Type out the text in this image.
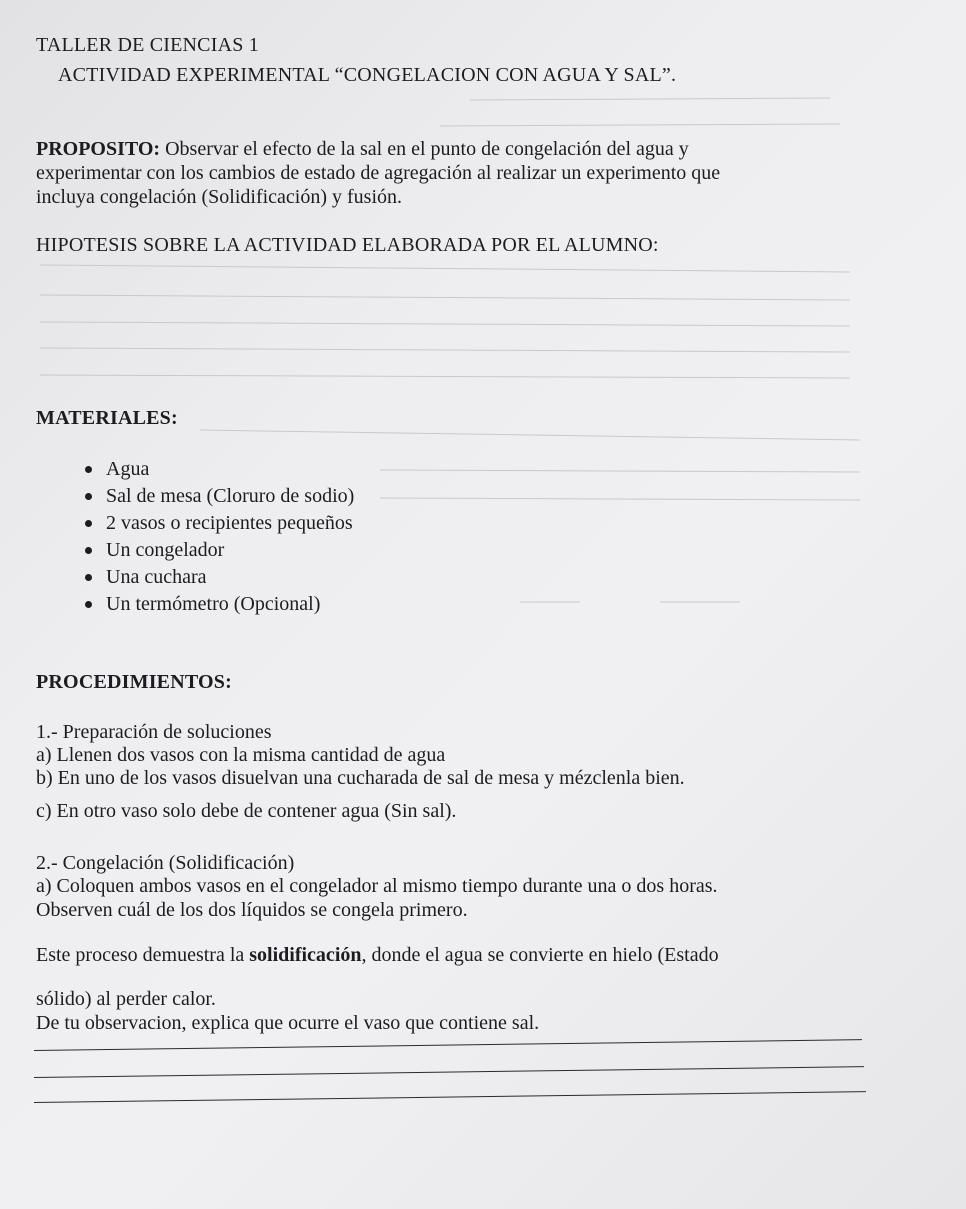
TALLER DE CIENCIAS 1
ACTIVIDAD EXPERIMENTAL “CONGELACION CON AGUA Y SAL”.
PROPOSITO: Observar el efecto de la sal en el punto de congelación del agua y
experimentar con los cambios de estado de agregación al realizar un experimento que
incluya congelación (Solidificación) y fusión.
HIPOTESIS SOBRE LA ACTIVIDAD ELABORADA POR EL ALUMNO:
MATERIALES:
Agua
Sal de mesa (Cloruro de sodio)
2 vasos o recipientes pequeños
Un congelador
Una cuchara
Un termómetro (Opcional)
PROCEDIMIENTOS:
1.- Preparación de soluciones
a) Llenen dos vasos con la misma cantidad de agua
b) En uno de los vasos disuelvan una cucharada de sal de mesa y mézclenla bien.
c) En otro vaso solo debe de contener agua (Sin sal).
2.- Congelación (Solidificación)
a) Coloquen ambos vasos en el congelador al mismo tiempo durante una o dos horas.
Observen cuál de los dos líquidos se congela primero.
Este proceso demuestra la solidificación, donde el agua se convierte en hielo (Estado
sólido) al perder calor.
De tu observacion, explica que ocurre el vaso que contiene sal.
